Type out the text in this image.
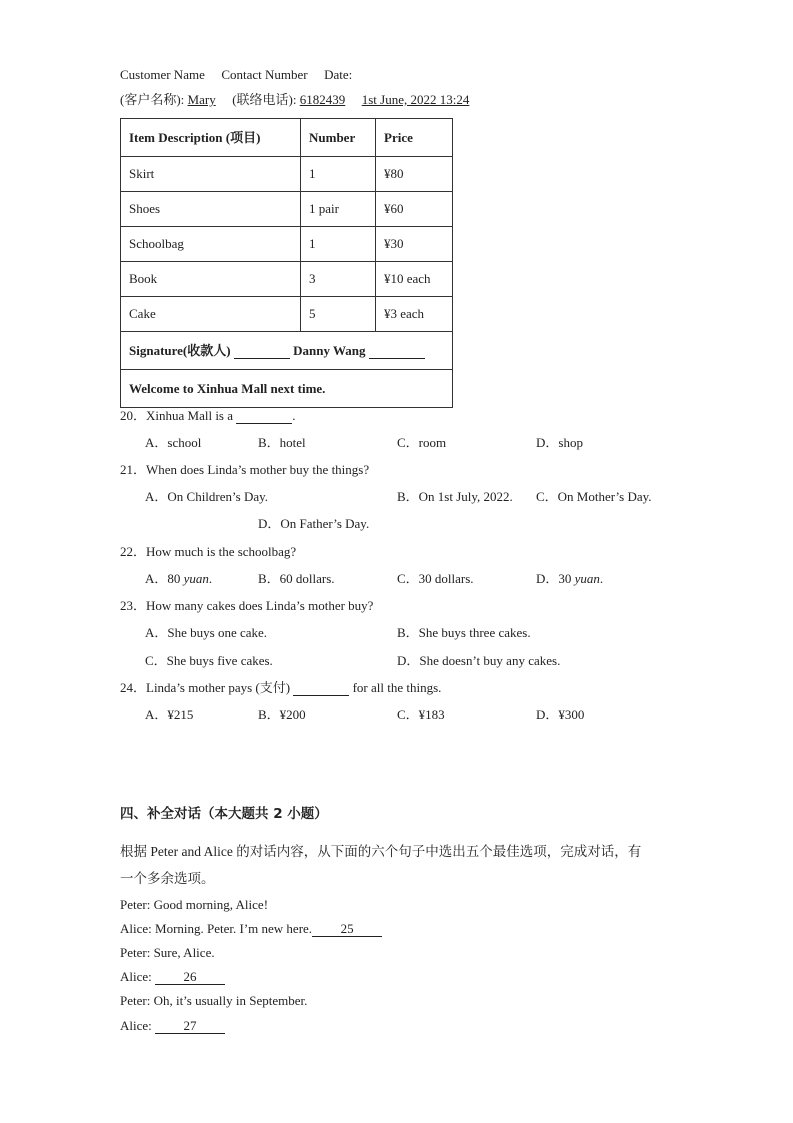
Customer Name Contact Number Date:
(客户名称): Mary (联络电话): 6182439 1st June, 2022 13:24
Item Description (项目)	Number	Price
Skirt	1	¥80
Shoes	1 pair	¥60
Schoolbag	1	¥30
Book	3	¥10 each
Cake	5	¥3 each
Signature(收款人) Danny Wang		
Welcome to Xinhua Mall next time.		
20．Xinhua Mall is a	.
A．school	B．hotel	C．room	D．shop
21．When does Linda’s mother buy the things?
A．On Children’s Day.	B．On 1st July, 2022. C．On Mother’s Day.
D．On Father’s Day.
22．How much is the schoolbag?
A．80 yuan.	B．60 dollars.	C．30 dollars.	D．30 yuan.
23．How many cakes does Linda’s mother buy?
A．She buys one cake.	B．She buys three cakes.
C．She buys five cakes.	D．She doesn’t buy any cakes.
24．Linda’s mother pays (支付)	for all the things.
A．¥215	B．¥200	C．¥183	D．¥300
四、补全对话（本大题共 2 小题）
根据 Peter and Alice 的对话内容，从下面的六个句子中选出五个最佳选项，完成对话，有
一个多余选项。
Peter: Good morning, Alice!
Alice: Morning. Peter. I’m new here. 25
Peter: Sure, Alice.
Alice: 26
Peter: Oh, it’s usually in September.
Alice: 27
